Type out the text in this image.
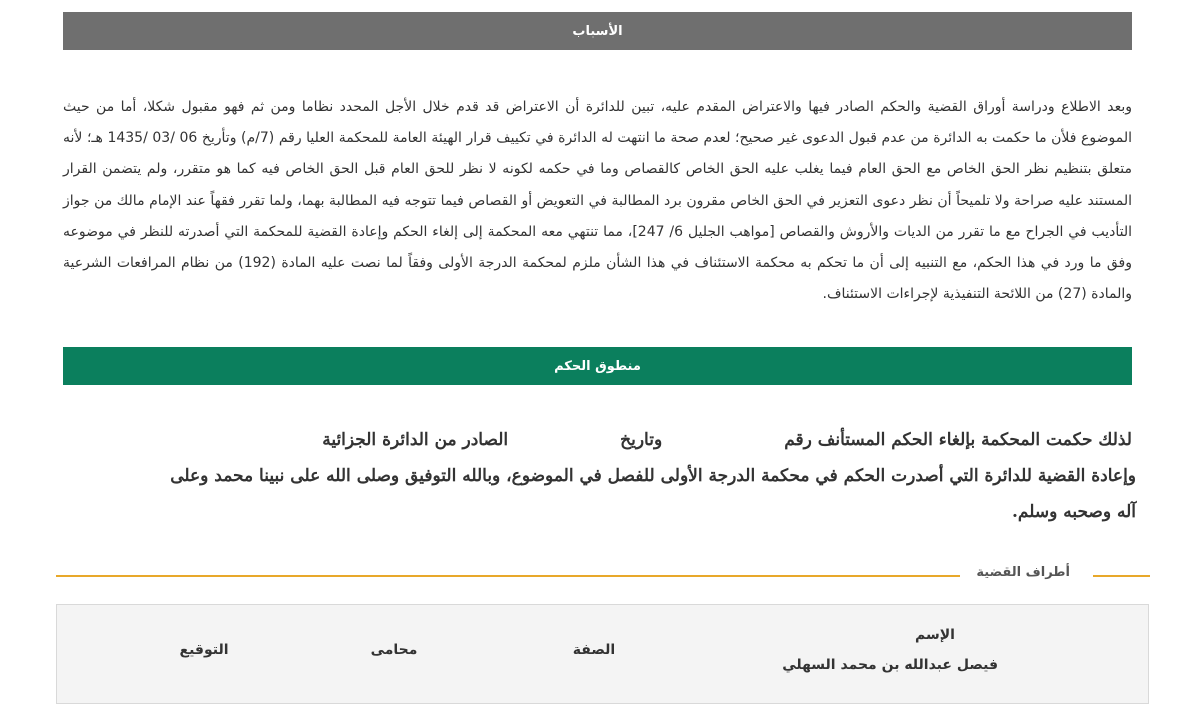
الأسباب
وبعد الاطلاع ودراسة أوراق القضية والحكم الصادر فيها والاعتراض المقدم عليه، تبين للدائرة أن الاعتراض قد قدم خلال الأجل المحدد نظاما ومن ثم فهو مقبول شكلا، أما من حيث الموضوع فلأن ما حكمت به الدائرة من عدم قبول الدعوى غير صحيح؛ لعدم صحة ما انتهت له الدائرة في تكييف قرار الهيئة العامة للمحكمة العليا رقم (7/م) وتأريخ 06 /03 /1435 هـ؛ لأنه متعلق بتنظيم نظر الحق الخاص مع الحق العام فيما يغلب عليه الحق الخاص كالقصاص وما في حكمه لكونه لا نظر للحق العام قبل الحق الخاص فيه كما هو متقرر، ولم يتضمن القرار المستند عليه صراحة ولا تلميحاً أن نظر دعوى التعزير في الحق الخاص مقرون برد المطالبة في التعويض أو القصاص فيما تتوجه فيه المطالبة بهما، ولما تقرر فقهاً عند الإمام مالك من جواز التأديب في الجراح مع ما تقرر من الديات والأروش والقصاص [مواهب الجليل 6/ 247]، مما تنتهي معه المحكمة إلى إلغاء الحكم وإعادة القضية للمحكمة التي أصدرته للنظر في موضوعه وفق ما ورد في هذا الحكم، مع التنبيه إلى أن ما تحكم به محكمة الاستئناف في هذا الشأن ملزم لمحكمة الدرجة الأولى وفقاً لما نصت عليه المادة (192) من نظام المرافعات الشرعية والمادة (27) من اللائحة التنفيذية لإجراءات الاستئناف.
منطوق الحكم
لذلك حكمت المحكمة بإلغاء الحكم المستأنف رقموتاريخالصادر من الدائرة الجزائية
وإعادة القضية للدائرة التي أصدرت الحكم في محكمة الدرجة الأولى للفصل في الموضوع، وبالله التوفيق وصلى الله على نبينا محمد وعلى
آله وصحبه وسلم.
أطراف القضية
الإسم
فيصل عبدالله بن محمد السهلي
الصفة
محامى
التوقيع
